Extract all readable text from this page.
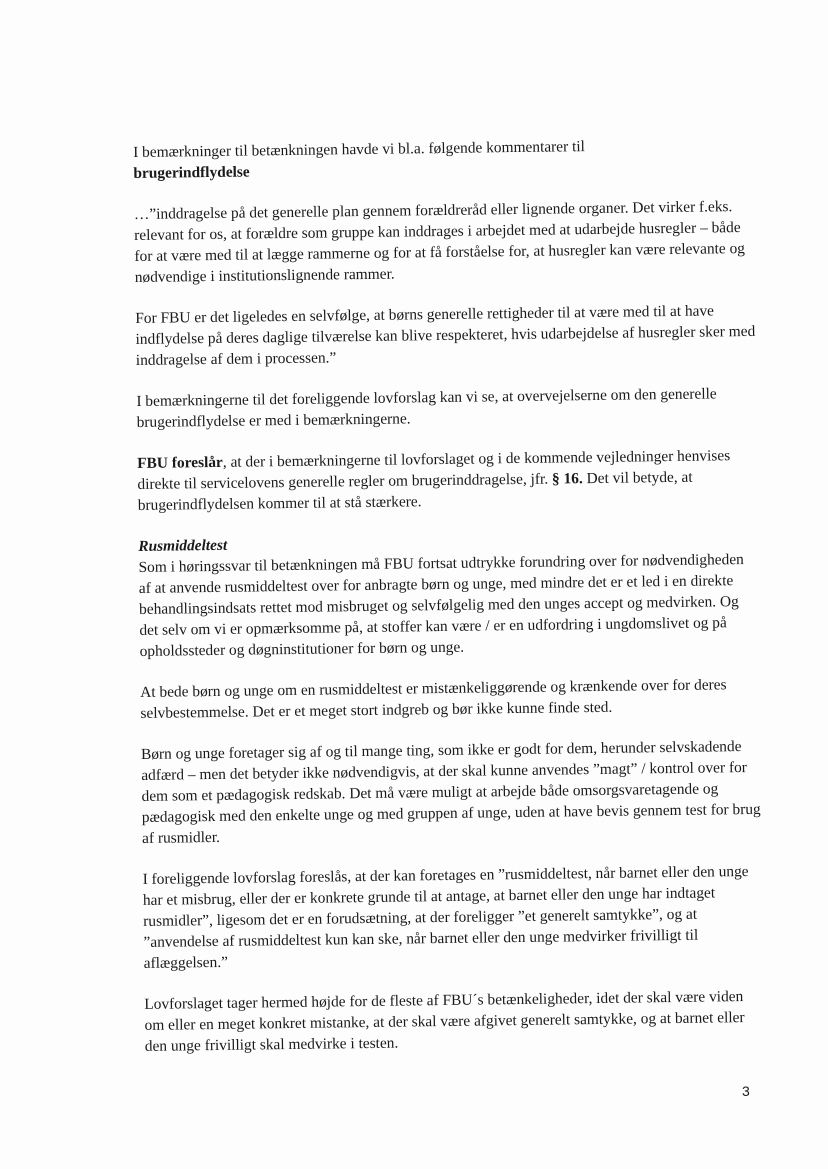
I bemærkninger til betænkningen havde vi bl.a. følgende kommentarer til
brugerindflydelse

…”inddragelse på det generelle plan gennem forældreråd eller lignende organer. Det virker f.eks. relevant for os, at forældre som gruppe kan inddrages i arbejdet med at udarbejde husregler – både for at være med til at lægge rammerne og for at få forståelse for, at husregler kan være relevante og nødvendige i institutionslignende rammer.

For FBU er det ligeledes en selvfølge, at børns generelle rettigheder til at være med til at have indflydelse på deres daglige tilværelse kan blive respekteret, hvis udarbejdelse af husregler sker med inddragelse af dem i processen.”

I bemærkningerne til det foreliggende lovforslag kan vi se, at overvejelserne om den generelle brugerindflydelse er med i bemærkningerne.

FBU foreslår, at der i bemærkningerne til lovforslaget og i de kommende vejledninger henvises direkte til servicelovens generelle regler om brugerinddragelse, jfr. § 16. Det vil betyde, at brugerindflydelsen kommer til at stå stærkere.

Rusmiddeltest
Som i høringssvar til betænkningen må FBU fortsat udtrykke forundring over for nødvendigheden af at anvende rusmiddeltest over for anbragte børn og unge, med mindre det er et led i en direkte behandlingsindsats rettet mod misbruget og selvfølgelig med den unges accept og medvirken. Og det selv om vi er opmærksomme på, at stoffer kan være / er en udfordring i ungdomslivet og på opholdssteder og døgninstitutioner for børn og unge.

At bede børn og unge om en rusmiddeltest er mistænkeliggørende og krænkende over for deres selvbestemmelse. Det er et meget stort indgreb og bør ikke kunne finde sted.

Børn og unge foretager sig af og til mange ting, som ikke er godt for dem, herunder selvskadende adfærd – men det betyder ikke nødvendigvis, at der skal kunne anvendes ”magt” / kontrol over for dem som et pædagogisk redskab. Det må være muligt at arbejde både omsorgsvaretagende og pædagogisk med den enkelte unge og med gruppen af unge, uden at have bevis gennem test for brug af rusmidler.

I foreliggende lovforslag foreslås, at der kan foretages en ”rusmiddeltest, når barnet eller den unge har et misbrug, eller der er konkrete grunde til at antage, at barnet eller den unge har indtaget rusmidler”, ligesom det er en forudsætning, at der foreligger ”et generelt samtykke”, og at ”anvendelse af rusmiddeltest kun kan ske, når barnet eller den unge medvirker frivilligt til aflæggelsen.”

Lovforslaget tager hermed højde for de fleste af FBU´s betænkeligheder, idet der skal være viden om eller en meget konkret mistanke, at der skal være afgivet generelt samtykke, og at barnet eller den unge frivilligt skal medvirke i testen.

3
